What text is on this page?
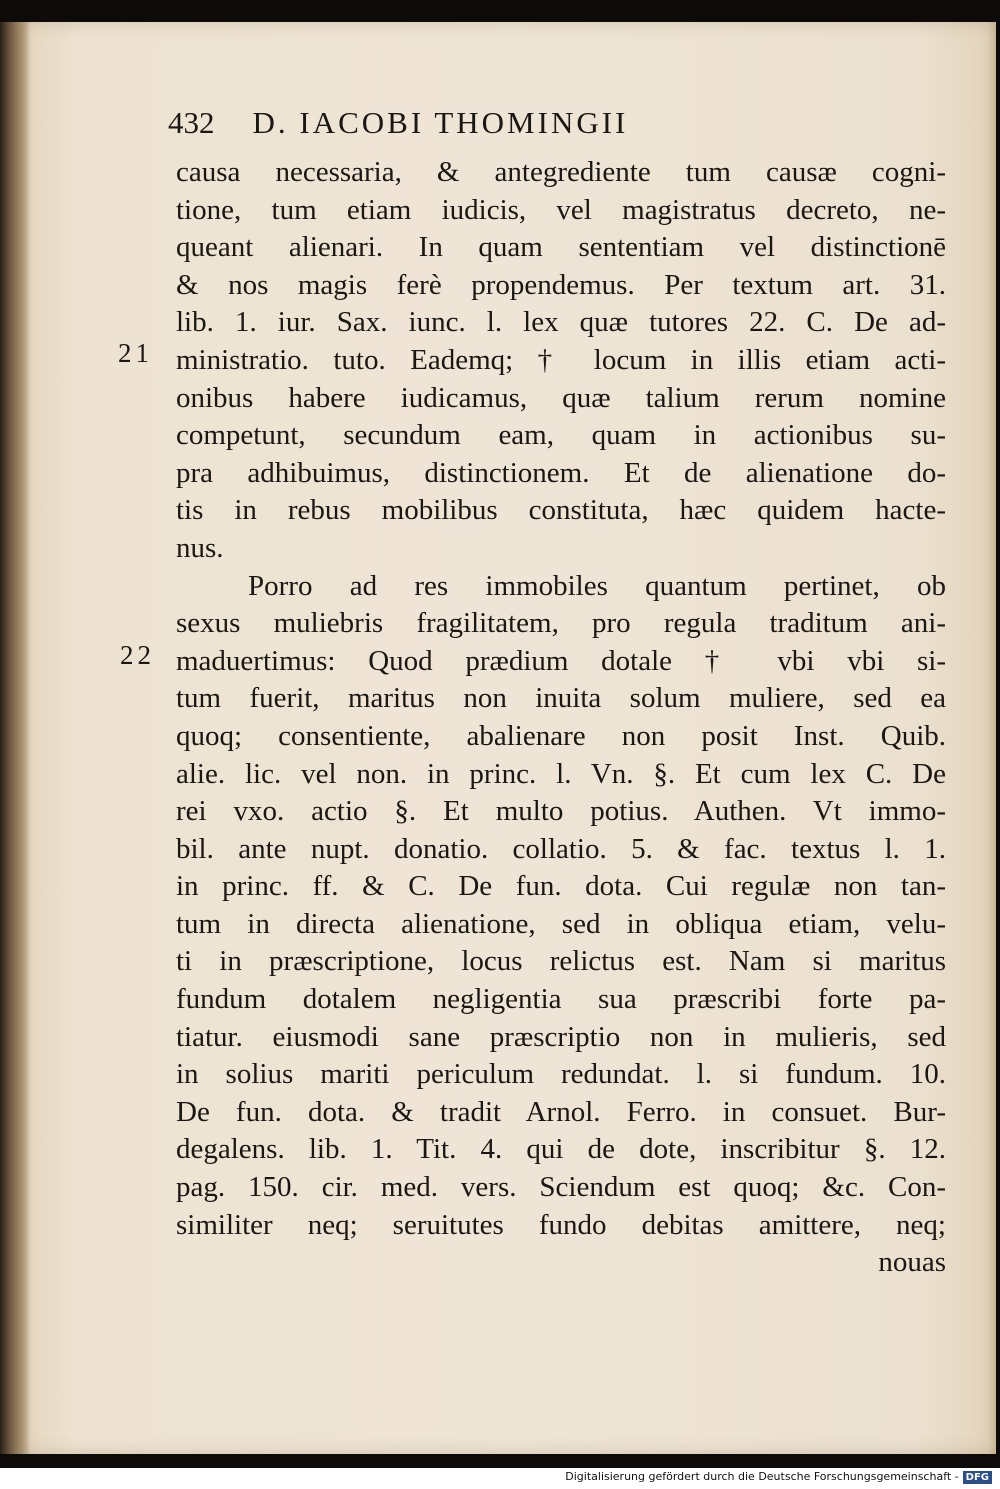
432 D. IACOBI THOMINGII
21
22
causa necessaria, & antegrediente tum causæ cogni-
tione, tum etiam iudicis, vel magistratus decreto, ne-
queant alienari. In quam sententiam vel distinctionē
& nos magis ferè propendemus. Per textum art. 31.
lib. 1. iur. Sax. iunc. l. lex quæ tutores 22. C. De ad-
ministratio. tuto. Eademq; † locum in illis etiam acti-
onibus habere iudicamus, quæ talium rerum nomine
competunt, secundum eam, quam in actionibus su-
pra adhibuimus, distinctionem. Et de alienatione do-
tis in rebus mobilibus constituta, hæc quidem hacte-
nus.
Porro ad res immobiles quantum pertinet, ob
sexus muliebris fragilitatem, pro regula traditum ani-
maduertimus: Quod prædium dotale † vbi vbi si-
tum fuerit, maritus non inuita solum muliere, sed ea
quoq; consentiente, abalienare non posit Inst. Quib.
alie. lic. vel non. in princ. l. Vn. §. Et cum lex C. De
rei vxo. actio §. Et multo potius. Authen. Vt immo-
bil. ante nupt. donatio. collatio. 5. & fac. textus l. 1.
in princ. ff. & C. De fun. dota. Cui regulæ non tan-
tum in directa alienatione, sed in obliqua etiam, velu-
ti in præscriptione, locus relictus est. Nam si maritus
fundum dotalem negligentia sua præscribi forte pa-
tiatur. eiusmodi sane præscriptio non in mulieris, sed
in solius mariti periculum redundat. l. si fundum. 10.
De fun. dota. & tradit Arnol. Ferro. in consuet. Bur-
degalens. lib. 1. Tit. 4. qui de dote, inscribitur §. 12.
pag. 150. cir. med. vers. Sciendum est quoq; &c. Con-
similiter neq; seruitutes fundo debitas amittere, neq;
nouas
Digitalisierung gefördert durch die Deutsche Forschungsgemeinschaft - DFG
